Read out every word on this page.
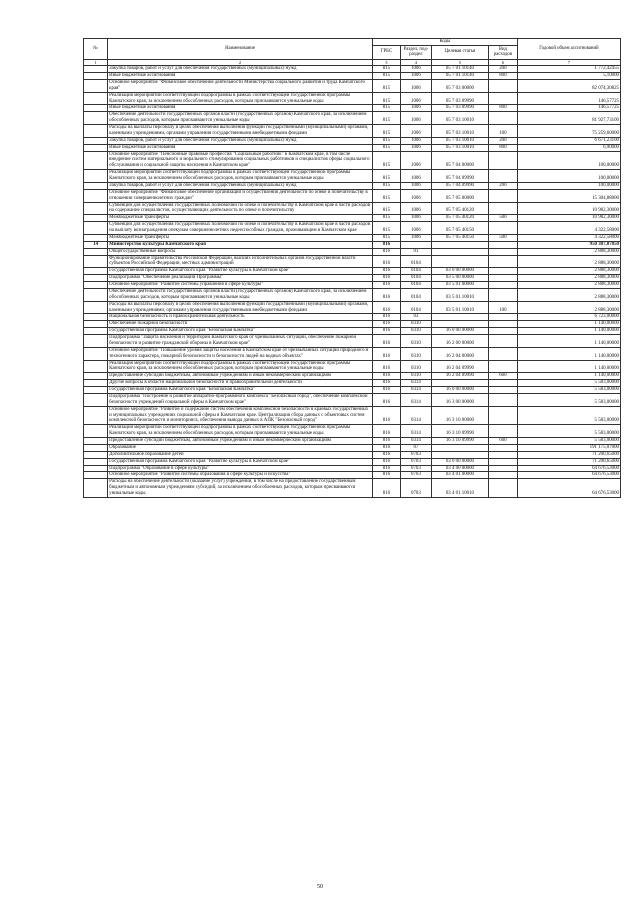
№	Наименование	Коды				Годовой объем ассигнований
		ГРБС	Раздел, под-раздел	Целевая статья	Вид расходов	
1	2	3	4	5	6	7
	Закупка товаров, работ и услуг для обеспечения государственных (муниципальных) нужд	815	1006	05 7 01 10140	200	1 772,42455
	Иные бюджетные ассигнования	815	1006	05 7 01 10140	800	5,10000
	Основное мероприятие "Финансовое обеспечение деятельности Министерства социального развития и труда Камчатского края"	815	1006	05 7 03 00000		82 074,30825
	Реализация мероприятий соответствующей подпрограммы в рамках соответствующей государственной программы Камчатского края, за исключением обособленных расходов, которым присваиваются уникальные коды	815	1006	05 7 03 09990		146,57725
	Иные бюджетные ассигнования	815	1006	05 7 03 09990	800	146,57725
	Обеспечение деятельности государственных органов власти (государственных органов) Камчатского края, за исключением обособленных расходов, которым присваиваются уникальные коды	815	1006	05 7 03 10010		81 927,73100
	Расходы на выплаты персоналу в целях обеспечения выполнения функций государственными (муниципальными) органами, казенными учреждениями, органами управления государственными внебюджетными фондами	815	1006	05 7 03 10010	100	75 259,60000
	Закупка товаров, работ и услуг для обеспечения государственных (муниципальных) нужд	815	1006	05 7 03 10010	200	6 671,23100
	Иные бюджетные ассигнования	815	1006	05 7 03 10010	800	6,90000
	Основное мероприятие "Пенсионные правовые профессия "Социальный работник" в Камчатском крае, в том числе внедрение систем материального и морального стимулирования социальных работников и специалистов сферы социального обслуживания и социальной защиты населения в Камчатском крае"	815	1006	05 7 04 00000		100,00000
	Реализация мероприятий соответствующей подпрограммы в рамках соответствующей государственной программы Камчатского края, за исключением обособленных расходов, которым присваиваются уникальные коды	815	1006	05 7 04 09990		100,00000
	Закупка товаров, работ и услуг для обеспечения государственных (муниципальных) нужд	815	1006	05 7 04 09990	200	100,00000
	Основное мероприятие "Финансовое обеспечение организации и осуществления деятельности по опеке и попечительству в отношении совершеннолетних граждан"	815	1006	05 7 05 00000		15 304,88000
	Субвенции для осуществления государственных полномочий по опеке и попечительству в Камчатском крае в части расходов на содержание специалистов, осуществляющих деятельность по опеке и попечительству	815	1006	05 7 05 40120		10 982,30000
	Межбюджетные трансферты	815	1006	05 7 05 40120	500	10 982,30000
	Субвенции для осуществления государственных полномочий по опеке и попечительству в Камчатском крае в части расходов на выплату вознаграждения опекунам совершеннолетних недееспособных граждан, проживающим в Камчатском крае	815	1006	05 7 05 40150		4 322,58000
	Межбюджетные трансферты	815	1006	05 7 05 40150	500	4 322,58000
14	Министерство культуры Камчатского края	816				950 307,07850
	Общегосударственные вопросы	816	01			2 888,30000
	Функционирование Правительства Российской Федерации, высших исполнительных органов государственной власти субъектов Российской Федерации, местных администраций	816	0104			2 888,30000
	Государственная программа Камчатского края "Развитие культуры в Камчатском крае"	816	0104	03 0 00 00000		2 888,30000
	Подпрограмма "Обеспечение реализации Программы"	816	0104	03 5 00 00000		2 888,30000
	Основное мероприятие "Развитие системы управления в сфере культуры"	816	0104	03 5 01 00000		2 888,30000
	Обеспечение деятельности государственных органов власти (государственных органов) Камчатского края, за исключением обособленных расходов, которым присваиваются уникальные коды	816	0104	03 5 01 10010		2 888,30000
	Расходы на выплаты персоналу в целях обеспечения выполнения функций государственными (муниципальными) органами, казенными учреждениями, органами управления государственными внебюджетными фондами	816	0104	03 5 01 10010	100	2 888,30000
	Национальная безопасность и правоохранительная деятельность	816	03			6 723,00000
	Обеспечение пожарной безопасности	816	0310			1 140,00000
	Государственная программа Камчатского края "Безопасная Камчатка"	816	0310	16 0 00 00000		1 140,00000
	Подпрограмма "Защита населения и территорий Камчатского края от чрезвычайных ситуаций, обеспечение пожарной безопасности и развитие гражданской обороны в Камчатском крае"	816	0310	16 2 00 00000		1 140,00000
	Основное мероприятие "Повышение уровня защиты населения в Камчатском крае от чрезвычайных ситуаций природного и техногенного характера, пожарной безопасности и безопасности людей на водных объектах"	816	0310	16 2 04 00000		1 140,00000
	Реализация мероприятий соответствующей подпрограммы в рамках соответствующей государственной программы Камчатского края, за исключением обособленных расходов, которым присваиваются уникальные коды	816	0310	16 2 04 09990		1 140,00000
	Предоставление субсидий бюджетным, автономным учреждениям и иным некоммерческим организациям	816	0310	16 2 04 09990	600	1 140,00000
	Другие вопросы в области национальной безопасности и правоохранительной деятельности	816	0314			5 583,00000
	Государственная программа Камчатского края "Безопасная Камчатка"	816	0314	16 0 00 00000		5 583,00000
	Подпрограмма "Построение и развитие аппаратно-программного комплекса "Безопасный город", обеспечение комплексной безопасности учреждений социальной сферы в Камчатском крае"	816	0314	16 3 00 00000		5 583,00000
	Основное мероприятие "Развитие и содержание систем обеспечения комплексной безопасности в краевых государственных и муниципальных учреждениях социальной сферы в Камчатском крае. Централизация сбора данных с объектовых систем комплексной безопасности и мониторинга, обеспечения вывода данных в АПК "Безопасный город"	816	0314	16 3 10 00000		5 583,00000
	Реализация мероприятий соответствующей подпрограммы в рамках соответствующей государственной программы Камчатского края, за исключением обособленных расходов, которым присваиваются уникальные коды	816	0314	16 3 10 09990		5 583,00000
	Предоставление субсидий бюджетным, автономным учреждениям и иным некоммерческим организациям	816	0314	16 3 10 09990	600	5 583,00000
	Образование	816	07			191 175,07000
	Дополнительное образование детей	816	0703			71 200,65000
	Государственная программа Камчатского края "Развитие культуры в Камчатском крае"	816	0703	03 0 00 00000		71 200,65000
	Подпрограмма "Образование в сфере культуры"	816	0703	03 4 00 00000		64 676,53000
	Основное мероприятие "Развитие системы образования в сфере культуры и искусства"	816	0703	03 4 01 00000		64 676,53000
	Расходы на обеспечение деятельности (оказание услуг) учреждений, в том числе на предоставление государственным бюджетным и автономным учреждениям субсидий, за исключением обособленных расходов, которым присваиваются уникальные коды	816	0703	03 4 01 10010		64 676,53000
50
